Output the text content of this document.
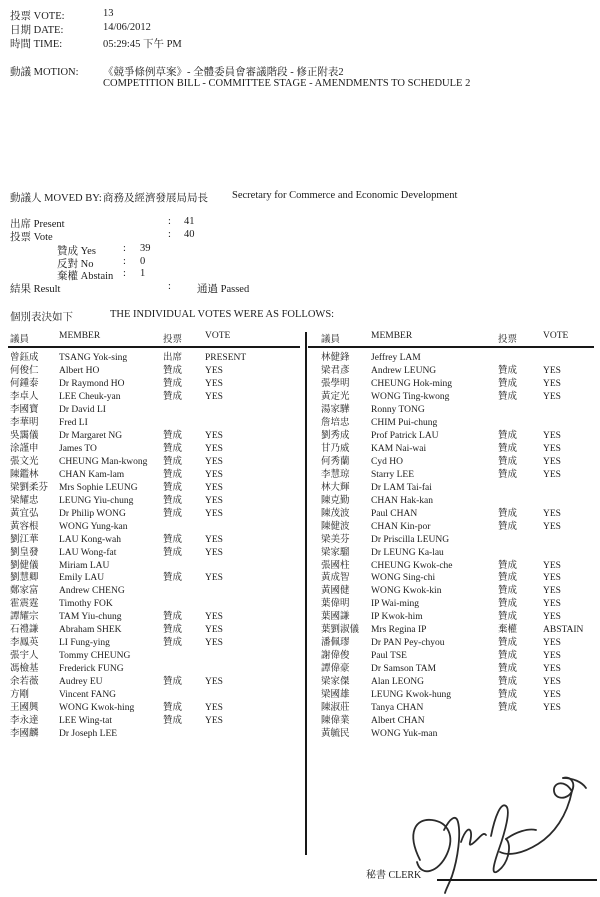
投票 VOTE:	13
日期 DATE:	14/06/2012
時間 TIME:	05:29:45 下午 PM
動議 MOTION: 《競爭條例草案》- 全體委員會審議階段 - 修正附表2
COMPETITION BILL - COMMITTEE STAGE - AMENDMENTS TO SCHEDULE 2
動議人 MOVED BY: 商務及經濟發展局局長 Secretary for Commerce and Economic Development
出席 Present	: 41
投票 Vote	: 40
贊成 Yes	: 39
反對 No	: 0
棄權 Abstain : 1
結果 Result	: 通過 Passed
個別表決如下	THE INDIVIDUAL VOTES WERE AS FOLLOWS:
議員	MEMBER	投票	VOTE
曾鈺成	TSANG Yok-sing	出席	PRESENT
何俊仁	Albert HO	贊成	YES
何鍾泰	Dr Raymond HO	贊成	YES
李卓人	LEE Cheuk-yan	贊成	YES
李國寶	Dr David LI
李華明	Fred LI
吳靄儀	Dr Margaret NG	贊成	YES
涂謹申	James TO	贊成	YES
張文光	CHEUNG Man-kwong	贊成	YES
陳鑑林	CHAN Kam-lam	贊成	YES
梁劉柔芬	Mrs Sophie LEUNG	贊成	YES
梁耀忠	LEUNG Yiu-chung	贊成	YES
黃宜弘	Dr Philip WONG	贊成	YES
黃容根	WONG Yung-kan
劉江華	LAU Kong-wah	贊成	YES
劉皇發	LAU Wong-fat	贊成	YES
劉健儀	Miriam LAU
劉慧卿	Emily LAU	贊成	YES
鄭家富	Andrew CHENG
霍震霆	Timothy FOK
譚耀宗	TAM Yiu-chung	贊成	YES
石禮謙	Abraham SHEK	贊成	YES
李鳳英	LI Fung-ying	贊成	YES
張宇人	Tommy CHEUNG
馮檢基	Frederick FUNG
余若薇	Audrey EU	贊成	YES
方剛	Vincent FANG
王國興	WONG Kwok-hing	贊成	YES
李永達	LEE Wing-tat	贊成	YES
李國麟	Dr Joseph LEE
議員	MEMBER	投票	VOTE
林健鋒	Jeffrey LAM
梁君彥	Andrew LEUNG	贊成	YES
張學明	CHEUNG Hok-ming	贊成	YES
黃定光	WONG Ting-kwong	贊成	YES
湯家驊	Ronny TONG
詹培忠	CHIM Pui-chung
劉秀成	Prof Patrick LAU	贊成	YES
甘乃威	KAM Nai-wai	贊成	YES
何秀蘭	Cyd HO	贊成	YES
李慧琼	Starry LEE	贊成	YES
林大輝	Dr LAM Tai-fai
陳克勤	CHAN Hak-kan
陳茂波	Paul CHAN	贊成	YES
陳健波	CHAN Kin-por	贊成	YES
梁美芬	Dr Priscilla LEUNG
梁家騮	Dr LEUNG Ka-lau
張國柱	CHEUNG Kwok-che	贊成	YES
黃成智	WONG Sing-chi	贊成	YES
黃國健	WONG Kwok-kin	贊成	YES
葉偉明	IP Wai-ming	贊成	YES
葉國謙	IP Kwok-him	贊成	YES
葉劉淑儀	Mrs Regina IP	棄權	ABSTAIN
潘佩璆	Dr PAN Pey-chyou	贊成	YES
謝偉俊	Paul TSE	贊成	YES
譚偉豪	Dr Samson TAM	贊成	YES
梁家傑	Alan LEONG	贊成	YES
梁國雄	LEUNG Kwok-hung	贊成	YES
陳淑莊	Tanya CHAN	贊成	YES
陳偉業	Albert CHAN
黃毓民	WONG Yuk-man
秘書 CLERK
